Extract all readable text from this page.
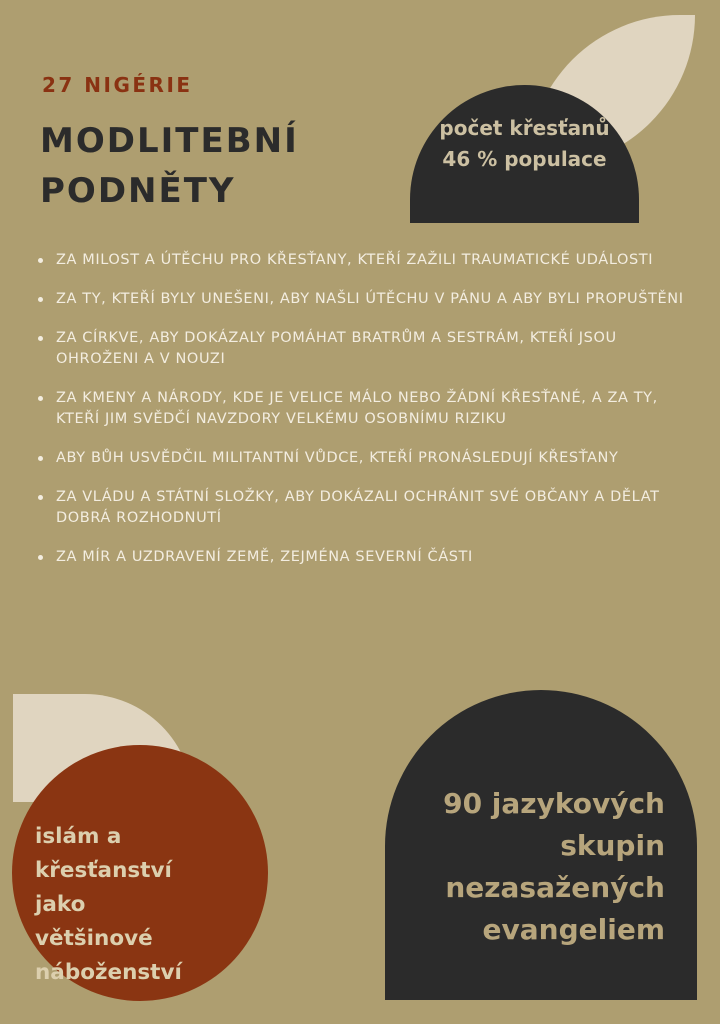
27 NIGÉRIE
MODLITEBNÍ
PODNĚTY
počet křesťanů
46 % populace
ZA MILOST A ÚTĚCHU PRO KŘESŤANY, KTEŘÍ ZAŽILI TRAUMATICKÉ UDÁLOSTI
ZA TY, KTEŘÍ BYLY UNEŠENI, ABY NAŠLI ÚTĚCHU V PÁNU A ABY BYLI PROPUŠTĚNI
ZA CÍRKVE, ABY DOKÁZALY POMÁHAT BRATRŮM A SESTRÁM, KTEŘÍ JSOU OHROŽENI A V NOUZI
ZA KMENY A NÁRODY, KDE JE VELICE MÁLO NEBO ŽÁDNÍ KŘESŤANÉ, A ZA TY, KTEŘÍ JIM SVĚDČÍ NAVZDORY VELKÉMU OSOBNÍMU RIZIKU
ABY BŮH USVĚDČIL MILITANTNÍ VŮDCE, KTEŘÍ PRONÁSLEDUJÍ KŘESŤANY
ZA VLÁDU A STÁTNÍ SLOŽKY, ABY DOKÁZALI OCHRÁNIT SVÉ OBČANY A DĚLAT DOBRÁ ROZHODNUTÍ
ZA MÍR A UZDRAVENÍ ZEMĚ, ZEJMÉNA SEVERNÍ ČÁSTI
islám a
křesťanství
jako
většinové
náboženství
90 jazykových
skupin
nezasažených
evangeliem
